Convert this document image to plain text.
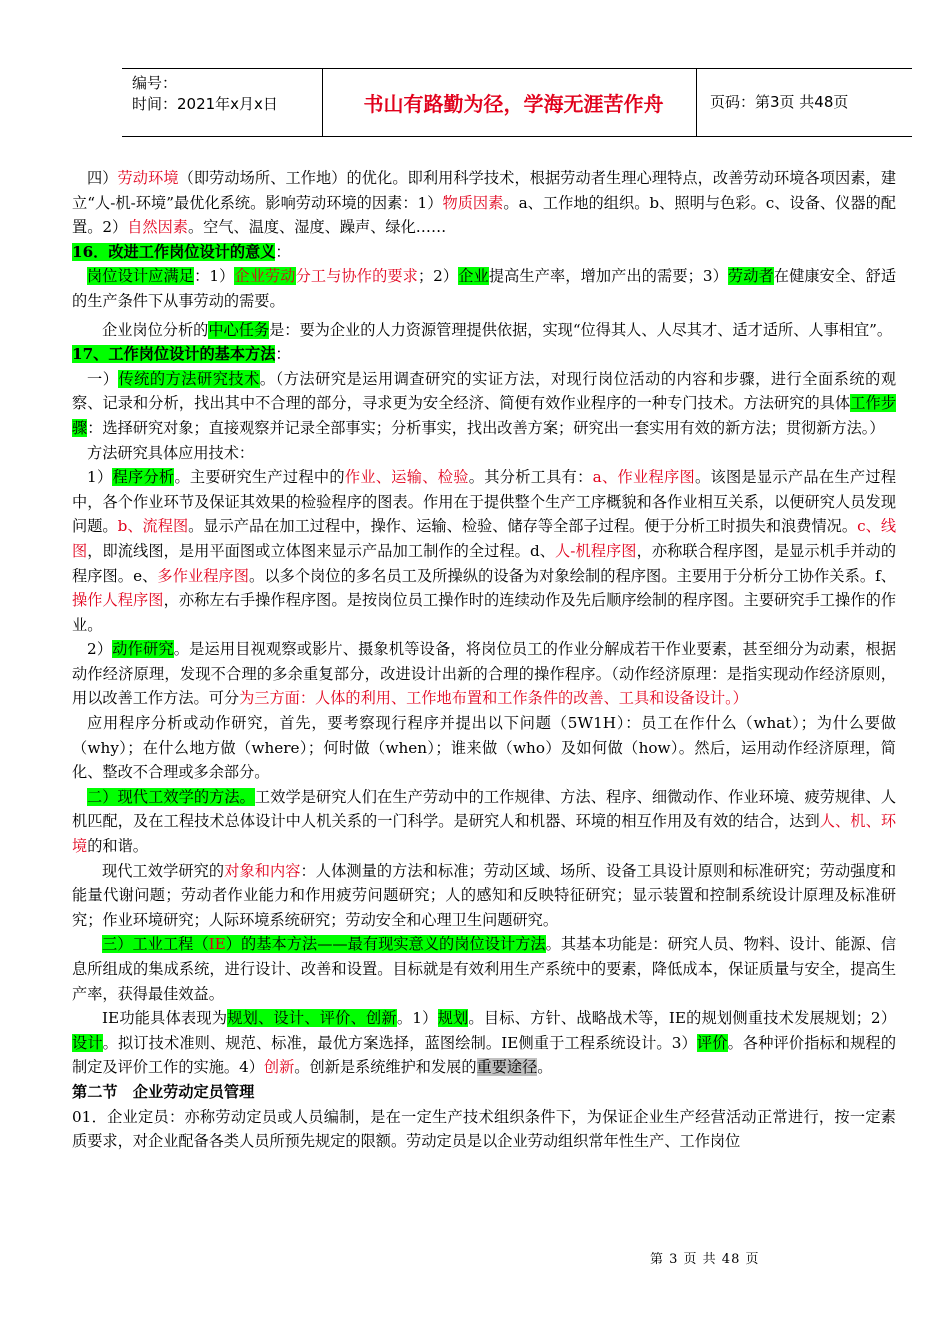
编号：
时间：2021年x月x日	书山有路勤为径，学海无涯苦作舟	页码：第3页 共48页

四）劳动环境（即劳动场所、工作地）的优化。即利用科学技术，根据劳动者生理心理特点，改善劳动环境各项因素，建立“人-机-环境”最优化系统。影响劳动环境的因素：1）物质因素。a、工作地的组织。b、照明与色彩。c、设备、仪器的配置。2）自然因素。空气、温度、湿度、躁声、绿化……

16．改进工作岗位设计的意义：

岗位设计应满足：1）企业劳动分工与协作的要求；2）企业提高生产率，增加产出的需要；3）劳动者在健康安全、舒适的生产条件下从事劳动的需要。

企业岗位分析的中心任务是：要为企业的人力资源管理提供依据，实现“位得其人、人尽其才、适才适所、人事相宜”。

17、工作岗位设计的基本方法：

一）传统的方法研究技术。（方法研究是运用调查研究的实证方法，对现行岗位活动的内容和步骤，进行全面系统的观察、记录和分析，找出其中不合理的部分，寻求更为安全经济、简便有效作业程序的一种专门技术。方法研究的具体工作步骤：选择研究对象；直接观察并记录全部事实；分析事实，找出改善方案；研究出一套实用有效的新方法；贯彻新方法。）

方法研究具体应用技术：

1）程序分析。主要研究生产过程中的作业、运输、检验。其分析工具有：a、作业程序图。该图是显示产品在生产过程中，各个作业环节及保证其效果的检验程序的图表。作用在于提供整个生产工序概貌和各作业相互关系，以便研究人员发现问题。b、流程图。显示产品在加工过程中，操作、运输、检验、储存等全部子过程。便于分析工时损失和浪费情况。c、线图，即流线图，是用平面图或立体图来显示产品加工制作的全过程。d、人-机程序图，亦称联合程序图，是显示机手并动的程序图。e、多作业程序图。以多个岗位的多名员工及所操纵的设备为对象绘制的程序图。主要用于分析分工协作关系。f、操作人程序图，亦称左右手操作程序图。是按岗位员工操作时的连续动作及先后顺序绘制的程序图。主要研究手工操作的作业。

2）动作研究。是运用目视观察或影片、摄象机等设备，将岗位员工的作业分解成若干作业要素，甚至细分为动素，根据动作经济原理，发现不合理的多余重复部分，改进设计出新的合理的操作程序。（动作经济原理：是指实现动作经济原则，用以改善工作方法。可分为三方面：人体的利用、工作地布置和工作条件的改善、工具和设备设计。）

应用程序分析或动作研究，首先，要考察现行程序并提出以下问题（5W1H）：员工在作什么（what）；为什么要做（why）；在什么地方做（where）；何时做（when）；谁来做（who）及如何做（how）。然后，运用动作经济原理，简化、整改不合理或多余部分。

二）现代工效学的方法。工效学是研究人们在生产劳动中的工作规律、方法、程序、细微动作、作业环境、疲劳规律、人机匹配，及在工程技术总体设计中人机关系的一门科学。是研究人和机器、环境的相互作用及有效的结合，达到人、机、环境的和谐。

现代工效学研究的对象和内容：人体测量的方法和标准；劳动区域、场所、设备工具设计原则和标准研究；劳动强度和能量代谢问题；劳动者作业能力和作用疲劳问题研究；人的感知和反映特征研究；显示装置和控制系统设计原理及标准研究；作业环境研究；人际环境系统研究；劳动安全和心理卫生问题研究。

三）工业工程（IE）的基本方法——最有现实意义的岗位设计方法。其基本功能是：研究人员、物料、设计、能源、信息所组成的集成系统，进行设计、改善和设置。目标就是有效利用生产系统中的要素，降低成本，保证质量与安全，提高生产率，获得最佳效益。

IE功能具体表现为规划、设计、评价、创新。1）规划。目标、方针、战略战术等，IE的规划侧重技术发展规划；2）设计。拟订技术准则、规范、标准，最优方案选择，蓝图绘制。IE侧重于工程系统设计。3）评价。各种评价指标和规程的制定及评价工作的实施。4）创新。创新是系统维护和发展的重要途径。

第二节　企业劳动定员管理

01．企业定员：亦称劳动定员或人员编制，是在一定生产技术组织条件下，为保证企业生产经营活动正常进行，按一定素质要求，对企业配备各类人员所预先规定的限额。劳动定员是以企业劳动组织常年性生产、工作岗位

第 3 页 共 48 页
